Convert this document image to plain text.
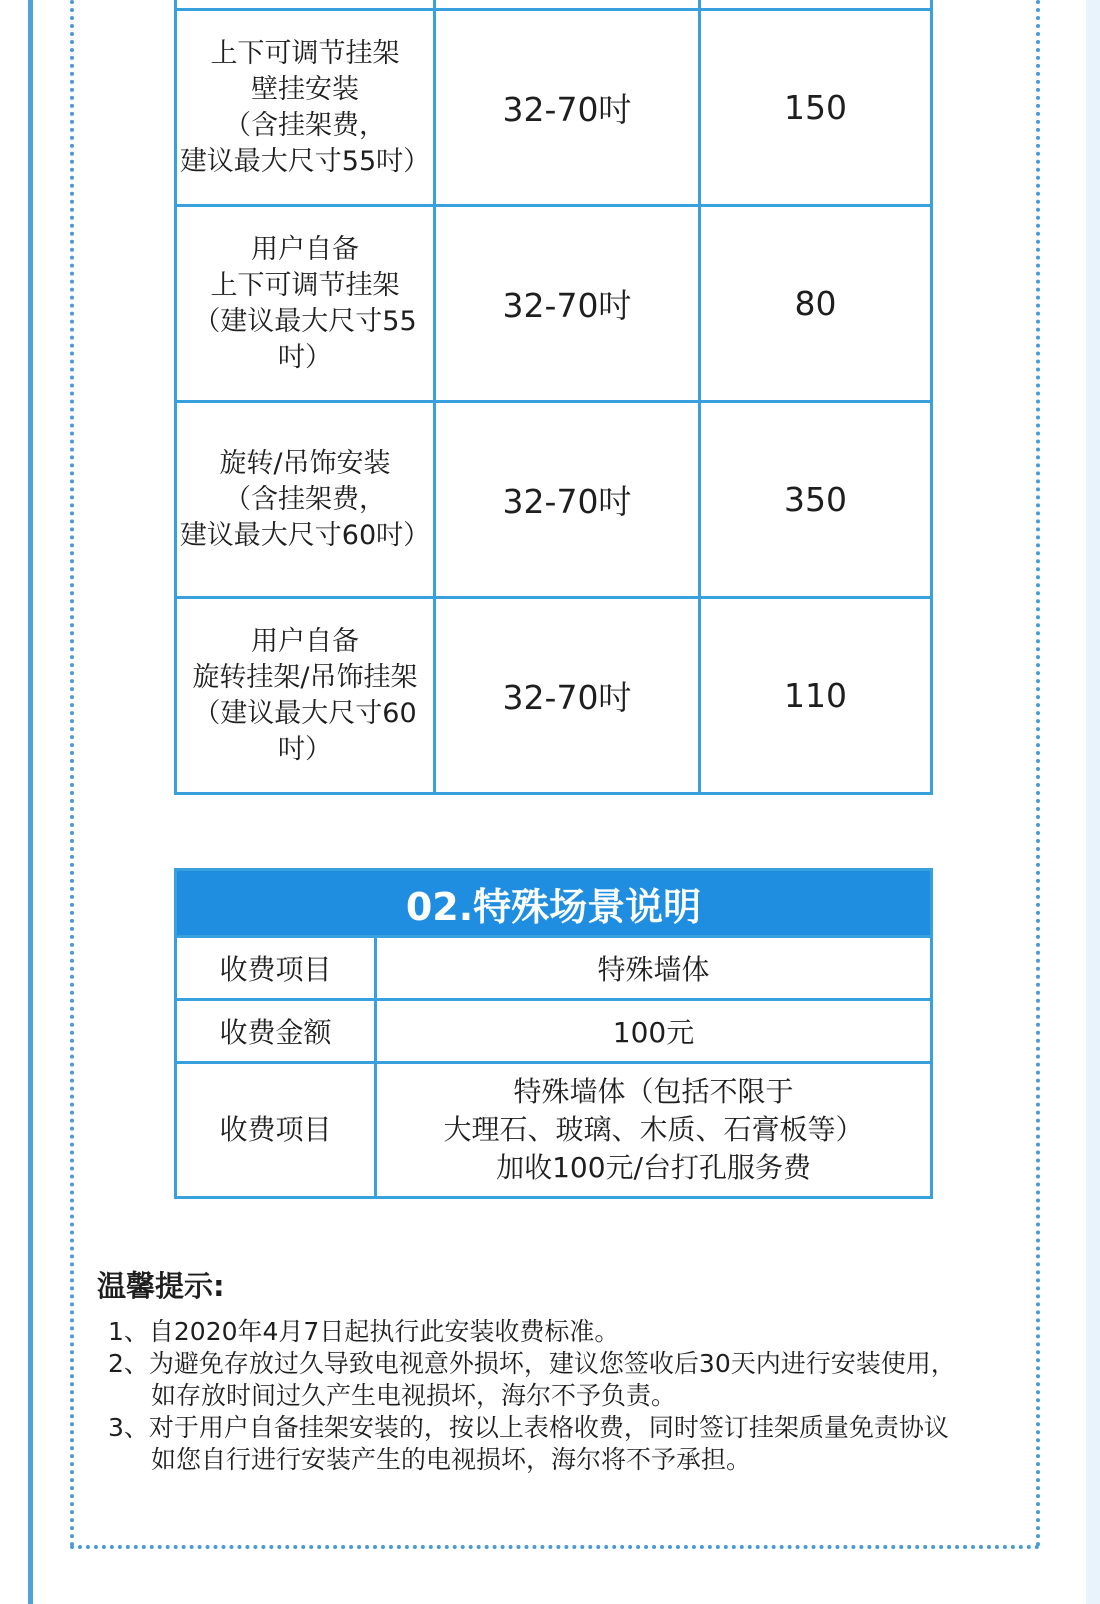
上下可调节挂架
壁挂安装
（含挂架费，
建议最大尺寸55吋）	32-70吋	150

用户自备
上下可调节挂架
（建议最大尺寸55吋）	32-70吋	80

旋转/吊饰安装
（含挂架费，
建议最大尺寸60吋）	32-70吋	350

用户自备
旋转挂架/吊饰挂架
（建议最大尺寸60吋）	32-70吋	110
02.特殊场景说明	
收费项目	特殊墙体
收费金额	100元
收费项目	特殊墙体（包括不限于
大理石、玻璃、木质、石膏板等）
加收100元/台打孔服务费
温馨提示:
1、自2020年4月7日起执行此安装收费标准。
2、为避免存放过久导致电视意外损坏，建议您签收后30天内进行安装使用，
如存放时间过久产生电视损坏，海尔不予负责。
3、对于用户自备挂架安装的，按以上表格收费，同时签订挂架质量免责协议
如您自行进行安装产生的电视损坏，海尔将不予承担。
